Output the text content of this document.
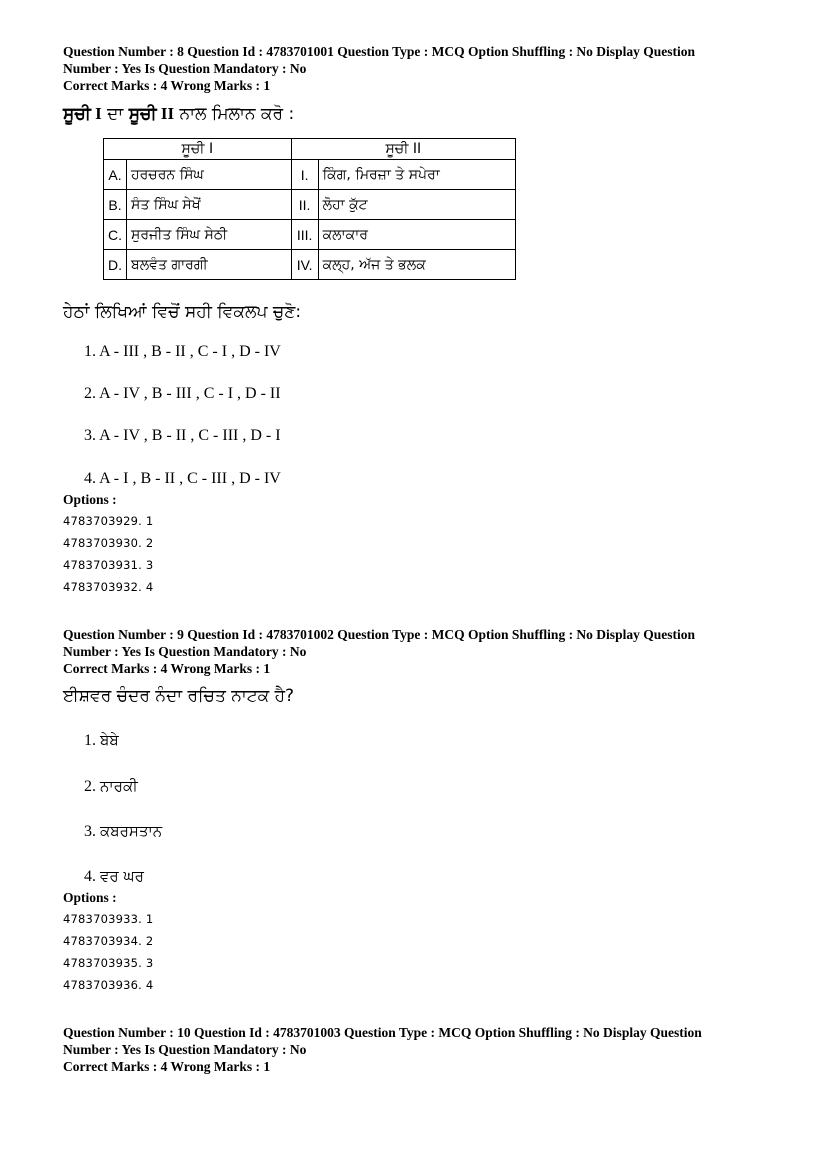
Question Number : 8 Question Id : 4783701001 Question Type : MCQ Option Shuffling : No Display Question
Number : Yes Is Question Mandatory : No
Correct Marks : 4 Wrong Marks : 1
ਸੂਚੀ I ਦਾ ਸੂਚੀ II ਨਾਲ ਮਿਲਾਨ ਕਰੋ :
ਸੂਚੀ I		ਸੂਚੀ II	
A.	ਹਰਚਰਨ ਸਿੰਘ	I.	ਕਿੰਗ, ਮਿਰਜ਼ਾ ਤੇ ਸਪੇਰਾ
B.	ਸੰਤ ਸਿੰਘ ਸੇਖੋਂ	II.	ਲੋਹਾ ਕੁੱਟ
C.	ਸੁਰਜੀਤ ਸਿੰਘ ਸੇਠੀ	III.	ਕਲਾਕਾਰ
D.	ਬਲਵੰਤ ਗਾਰਗੀ	IV.	ਕਲ੍ਹ, ਅੱਜ ਤੇ ਭਲਕ
ਹੇਠਾਂ ਲਿਖਿਆਂ ਵਿਚੋਂ ਸਹੀ ਵਿਕਲਪ ਚੁਣੋ:
1. A - III , B - II , C - I , D - IV
2. A - IV , B - III , C - I , D - II
3. A - IV , B - II , C - III , D - I
4. A - I , B - II , C - III , D - IV
Options :
4783703929. 1
4783703930. 2
4783703931. 3
4783703932. 4
Question Number : 9 Question Id : 4783701002 Question Type : MCQ Option Shuffling : No Display Question
Number : Yes Is Question Mandatory : No
Correct Marks : 4 Wrong Marks : 1
ਈਸ਼ਵਰ ਚੰਦਰ ਨੰਦਾ ਰਚਿਤ ਨਾਟਕ ਹੈ?
1. ਬੇਬੇ
2. ਨਾਰਕੀ
3. ਕਬਰਸਤਾਨ
4. ਵਰ ਘਰ
Options :
4783703933. 1
4783703934. 2
4783703935. 3
4783703936. 4
Question Number : 10 Question Id : 4783701003 Question Type : MCQ Option Shuffling : No Display Question
Number : Yes Is Question Mandatory : No
Correct Marks : 4 Wrong Marks : 1
